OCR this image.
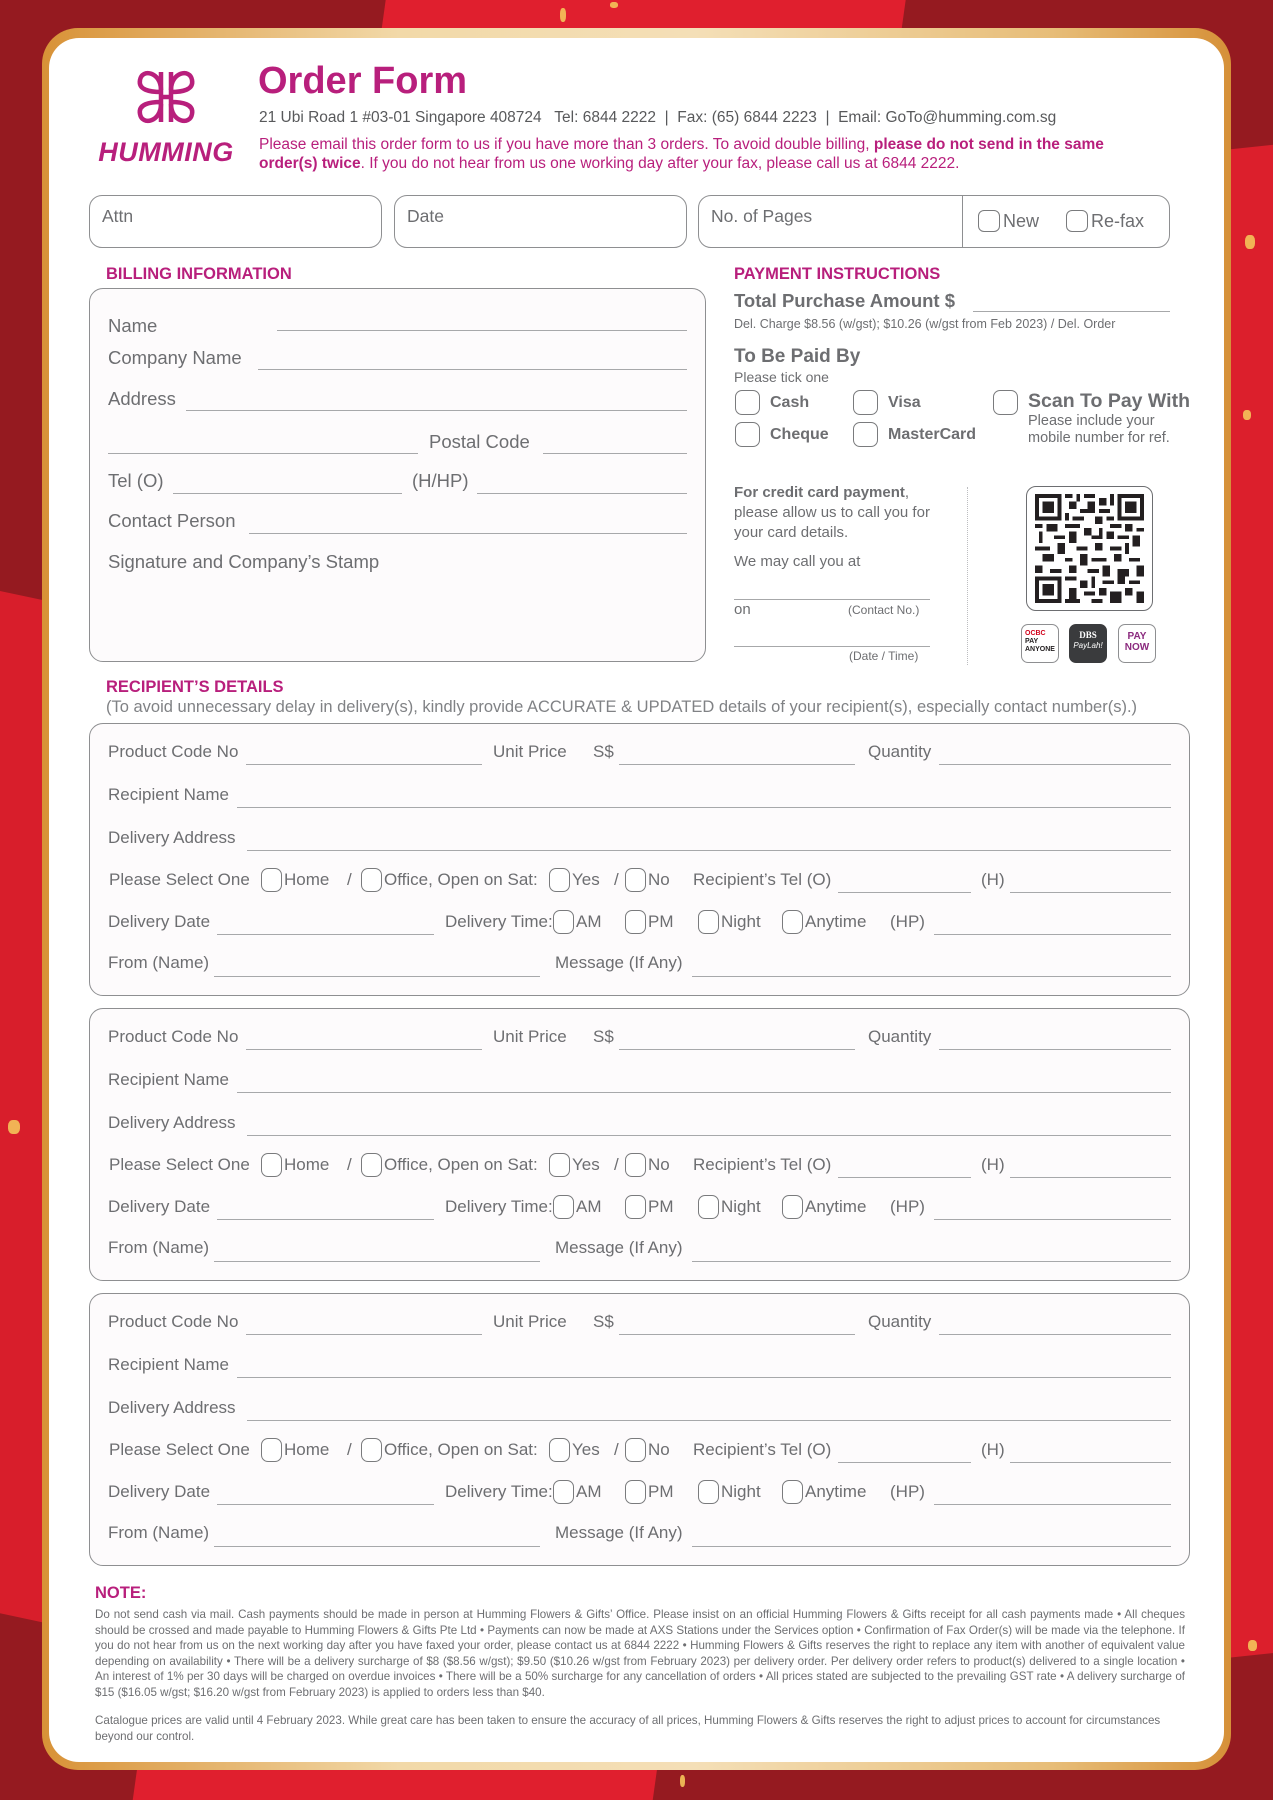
HUMMING
Order Form
21 Ubi Road 1 #03-01 Singapore 408724   Tel: 6844 2222  |  Fax: (65) 6844 2223  |  Email: GoTo@humming.com.sg
Please email this order form to us if you have more than 3 orders. To avoid double billing, please do not send in the same order(s) twice. If you do not hear from us one working day after your fax, please call us at 6844 2222.
Attn	Date	No. of Pages	New	Re-fax
BILLING INFORMATION
Name
Company Name
Address
Postal Code
Tel (O)	(H/HP)
Contact Person
Signature and Company’s Stamp
PAYMENT INSTRUCTIONS
Total Purchase Amount $
Del. Charge $8.56 (w/gst); $10.26 (w/gst from Feb 2023) / Del. Order
To Be Paid By
Please tick one
Cash	Visa
Cheque	MasterCard
Scan To Pay With
Please include your
mobile number for ref.
For credit card payment, please allow us to call you for your card details.
We may call you at
on	(Contact No.)
(Date / Time)
OCBC
PAY
ANYONE
DBS
PayLah!
PAY
NOW
RECIPIENT’S DETAILS
(To avoid unnecessary delay in delivery(s), kindly provide ACCURATE & UPDATED details of your recipient(s), especially contact number(s).)
Product Code No	Unit Price S$	Quantity
Recipient Name
Delivery Address
Please Select One Home / Office, Open on Sat: Yes / No Recipient’s Tel (O)	(H)
Delivery Date	Delivery Time: AM	PM	Night	Anytime (HP)
From (Name)	Message (If Any)
Product Code No	Unit Price S$	Quantity
Recipient Name
Delivery Address
Please Select One Home / Office, Open on Sat: Yes / No Recipient’s Tel (O)	(H)
Delivery Date	Delivery Time: AM	PM	Night	Anytime (HP)
From (Name)	Message (If Any)
Product Code No	Unit Price S$	Quantity
Recipient Name
Delivery Address
Please Select One Home / Office, Open on Sat: Yes / No Recipient’s Tel (O)	(H)
Delivery Date	Delivery Time: AM	PM	Night	Anytime (HP)
From (Name)	Message (If Any)
NOTE:
Do not send cash via mail. Cash payments should be made in person at Humming Flowers & Gifts’ Office. Please insist on an official Humming Flowers & Gifts receipt for all cash payments made • All cheques should be crossed and made payable to Humming Flowers & Gifts Pte Ltd • Payments can now be made at AXS Stations under the Services option • Confirmation of Fax Order(s) will be made via the telephone. If you do not hear from us on the next working day after you have faxed your order, please contact us at 6844 2222 • Humming Flowers & Gifts reserves the right to replace any item with another of equivalent value depending on availability • There will be a delivery surcharge of $8 ($8.56 w/gst); $9.50 ($10.26 w/gst from February 2023) per delivery order. Per delivery order refers to product(s) delivered to a single location • An interest of 1% per 30 days will be charged on overdue invoices • There will be a 50% surcharge for any cancellation of orders • All prices stated are subjected to the prevailing GST rate • A delivery surcharge of $15 ($16.05 w/gst; $16.20 w/gst from February 2023) is applied to orders less than $40.
Catalogue prices are valid until 4 February 2023. While great care has been taken to ensure the accuracy of all prices, Humming Flowers & Gifts reserves the right to adjust prices to account for circumstances beyond our control.
